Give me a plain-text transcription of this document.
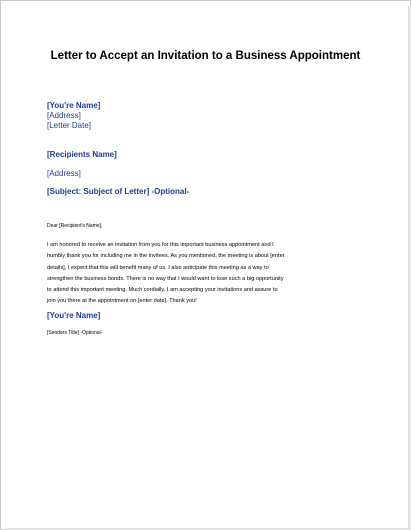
Letter to Accept an Invitation to a Business Appointment
[You're Name]
[Address]
[Letter Date]
[Recipients Name]
[Address]
[Subject: Subject of Letter] -Optional-
Dear [Recipient's Name],
I am honored to receive an invitation from you for this important business appointment and I
humbly thank you for including me in the invitees. As you mentioned, the meeting is about [enter
details], I expect that this will benefit many of us. I also anticipate this meeting as a way to
strengthen the business bonds. There is no way that I would want to lose such a big opportunity
to attend this important meeting. Much cordially, I am accepting your invitations and assure to
join you there at the appointment on [enter date]. Thank you!
[You're Name]
[Senders Title] -Optional-
